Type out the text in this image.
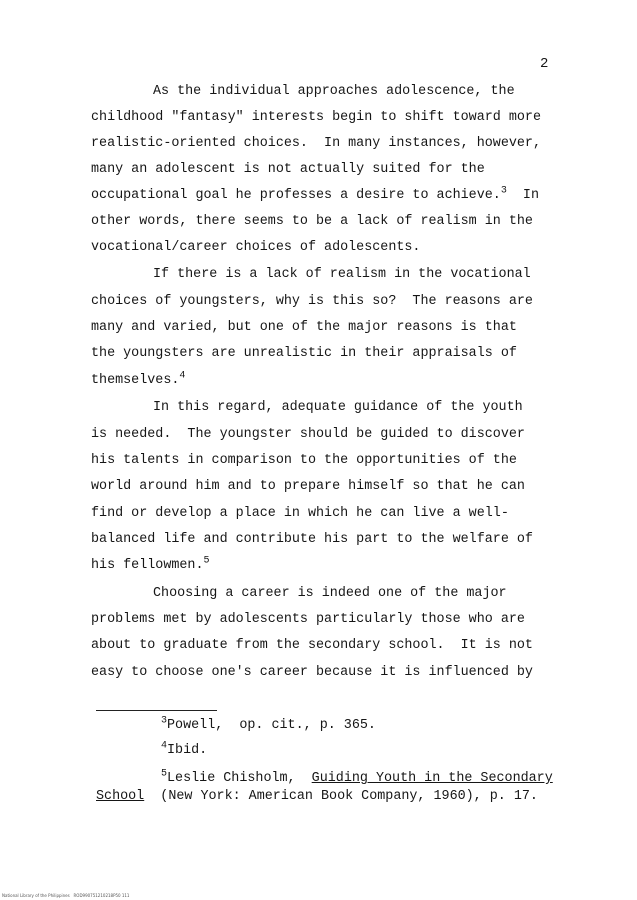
2
As the individual approaches adolescence, the
childhood "fantasy" interests begin to shift toward more
realistic-oriented choices.  In many instances, however,
many an adolescent is not actually suited for the
occupational goal he professes a desire to achieve.$^3$  In
other words, there seems to be a lack of realism in the
vocational/career choices of adolescents.
If there is a lack of realism in the vocational
choices of youngsters, why is this so?  The reasons are
many and varied, but one of the major reasons is that
the youngsters are unrealistic in their appraisals of
themselves.$^4$
In this regard, adequate guidance of the youth
is needed.  The youngster should be guided to discover
his talents in comparison to the opportunities of the
world around him and to prepare himself so that he can
find or develop a place in which he can live a well-
balanced life and contribute his part to the welfare of
his fellowmen.$^5$
Choosing a career is indeed one of the major
problems met by adolescents particularly those who are
about to graduate from the secondary school.  It is not
easy to choose one's career because it is influenced by
$^3$Powell,  op. cit., p. 365.
$^4$Ibid.
$^5$Leslie Chisholm,  Guiding Youth in the Secondary
School  (New York: American Book Company, 1960), p. 17.
National Library of the Philippines   ROD990751210218P50 111
